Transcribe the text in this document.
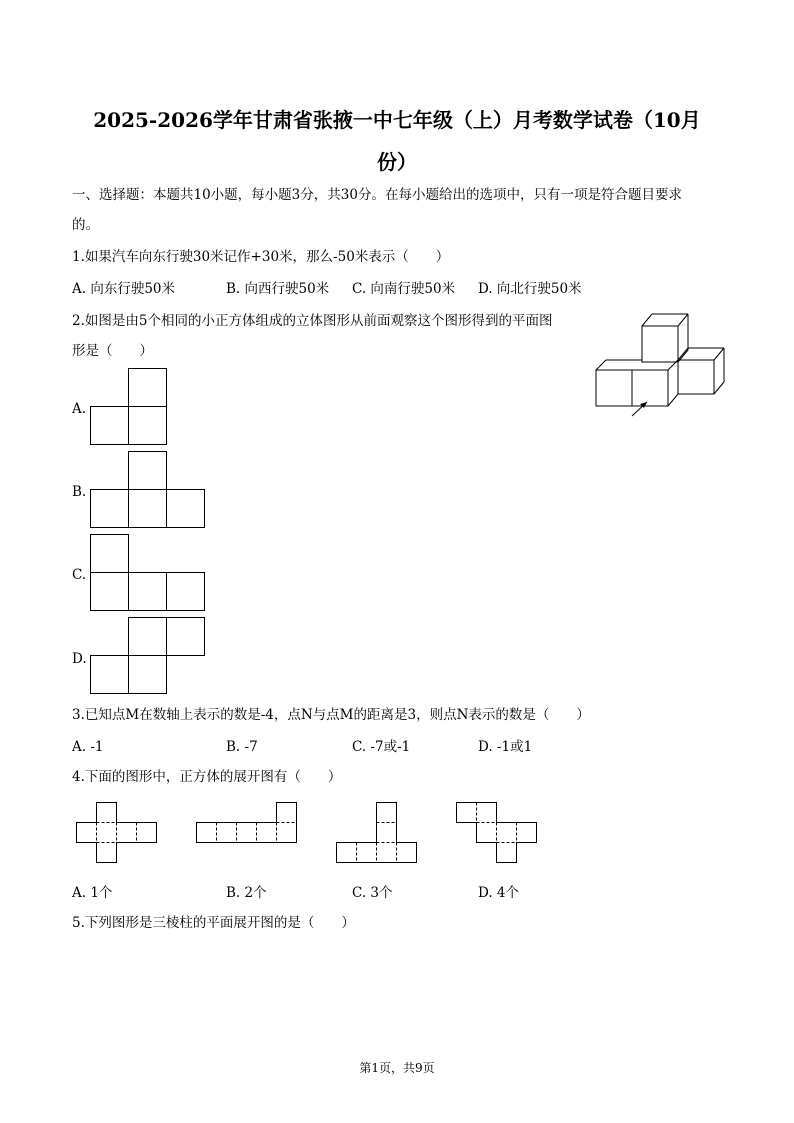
2025-2026学年甘肃省张掖一中七年级（上）月考数学试卷（10月
份）
一、选择题：本题共10小题，每小题3分，共30分。在每小题给出的选项中，只有一项是符合题目要求
的。
1.如果汽车向东行驶30米记作+30米，那么-50米表示（　　）
A. 向东行驶50米	B. 向西行驶50米 C. 向南行驶50米 D. 向北行驶50米
2.如图是由5个相同的小正方体组成的立体图形从前面观察这个图形得到的平面图
形是（　　）
A.
B.
C.
D.
3.已知点M在数轴上表示的数是-4，点N与点M的距离是3，则点N表示的数是（　　）
A. -1	B. -7	C. -7或-1	D. -1或1
4.下面的图形中，正方体的展开图有（　　）
A. 1个	B. 2个	C. 3个	D. 4个
5.下列图形是三棱柱的平面展开图的是（　　）
第1页，共9页
